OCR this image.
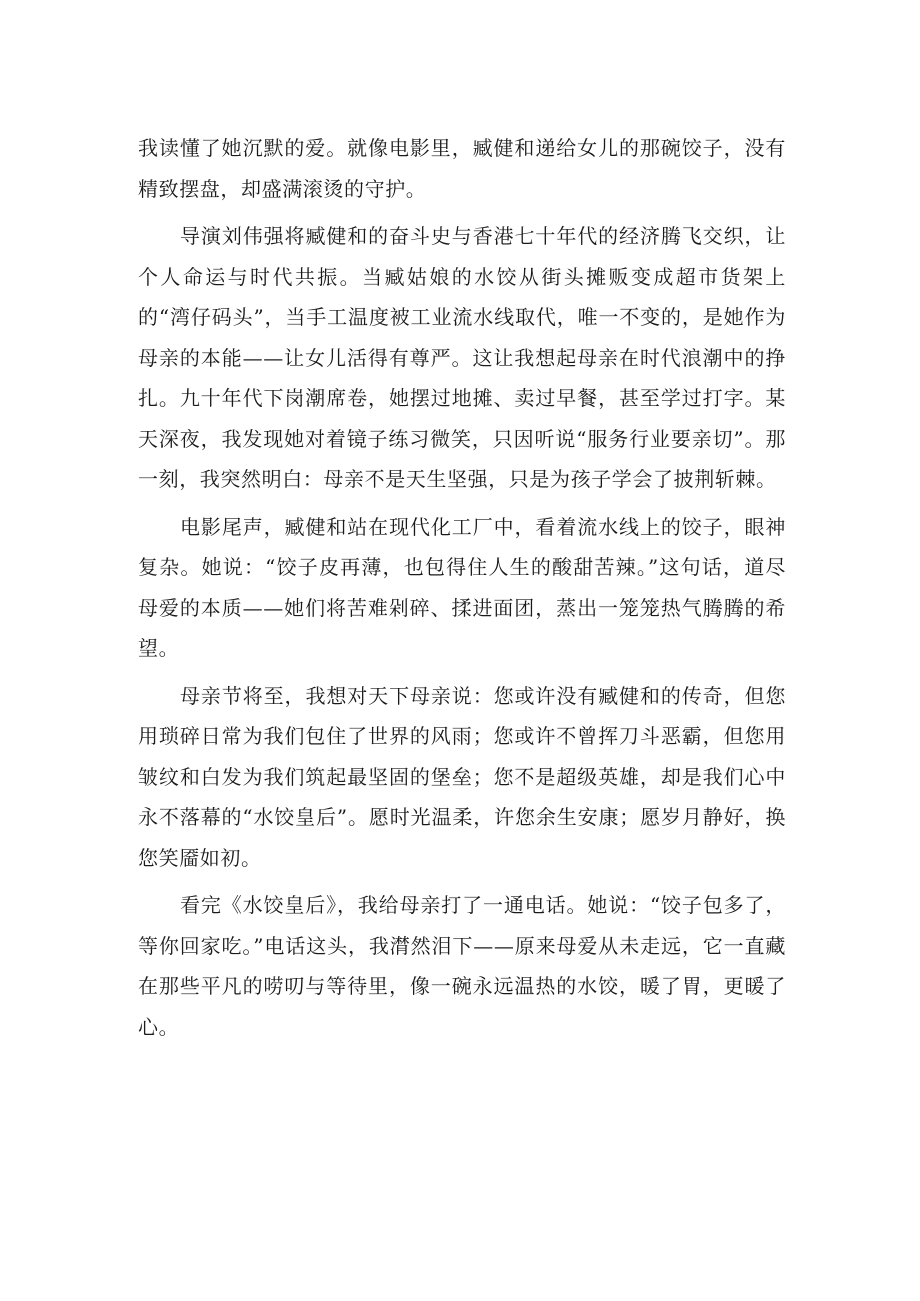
我读懂了她沉默的爱。就像电影里，臧健和递给女儿的那碗饺子，没有精致摆盘，却盛满滚烫的守护。

导演刘伟强将臧健和的奋斗史与香港七十年代的经济腾飞交织，让个人命运与时代共振。当臧姑娘的水饺从街头摊贩变成超市货架上的“湾仔码头”，当手工温度被工业流水线取代，唯一不变的，是她作为母亲的本能——让女儿活得有尊严。这让我想起母亲在时代浪潮中的挣扎。九十年代下岗潮席卷，她摆过地摊、卖过早餐，甚至学过打字。某天深夜，我发现她对着镜子练习微笑，只因听说“服务行业要亲切”。那一刻，我突然明白：母亲不是天生坚强，只是为孩子学会了披荆斩棘。

电影尾声，臧健和站在现代化工厂中，看着流水线上的饺子，眼神复杂。她说：“饺子皮再薄，也包得住人生的酸甜苦辣。”这句话，道尽母爱的本质——她们将苦难剁碎、揉进面团，蒸出一笼笼热气腾腾的希望。

母亲节将至，我想对天下母亲说：您或许没有臧健和的传奇，但您用琐碎日常为我们包住了世界的风雨；您或许不曾挥刀斗恶霸，但您用皱纹和白发为我们筑起最坚固的堡垒；您不是超级英雄，却是我们心中永不落幕的“水饺皇后”。愿时光温柔，许您余生安康；愿岁月静好，换您笑靥如初。

看完《水饺皇后》，我给母亲打了一通电话。她说：“饺子包多了，等你回家吃。”电话这头，我潸然泪下——原来母爱从未走远，它一直藏在那些平凡的唠叨与等待里，像一碗永远温热的水饺，暖了胃，更暖了心。
